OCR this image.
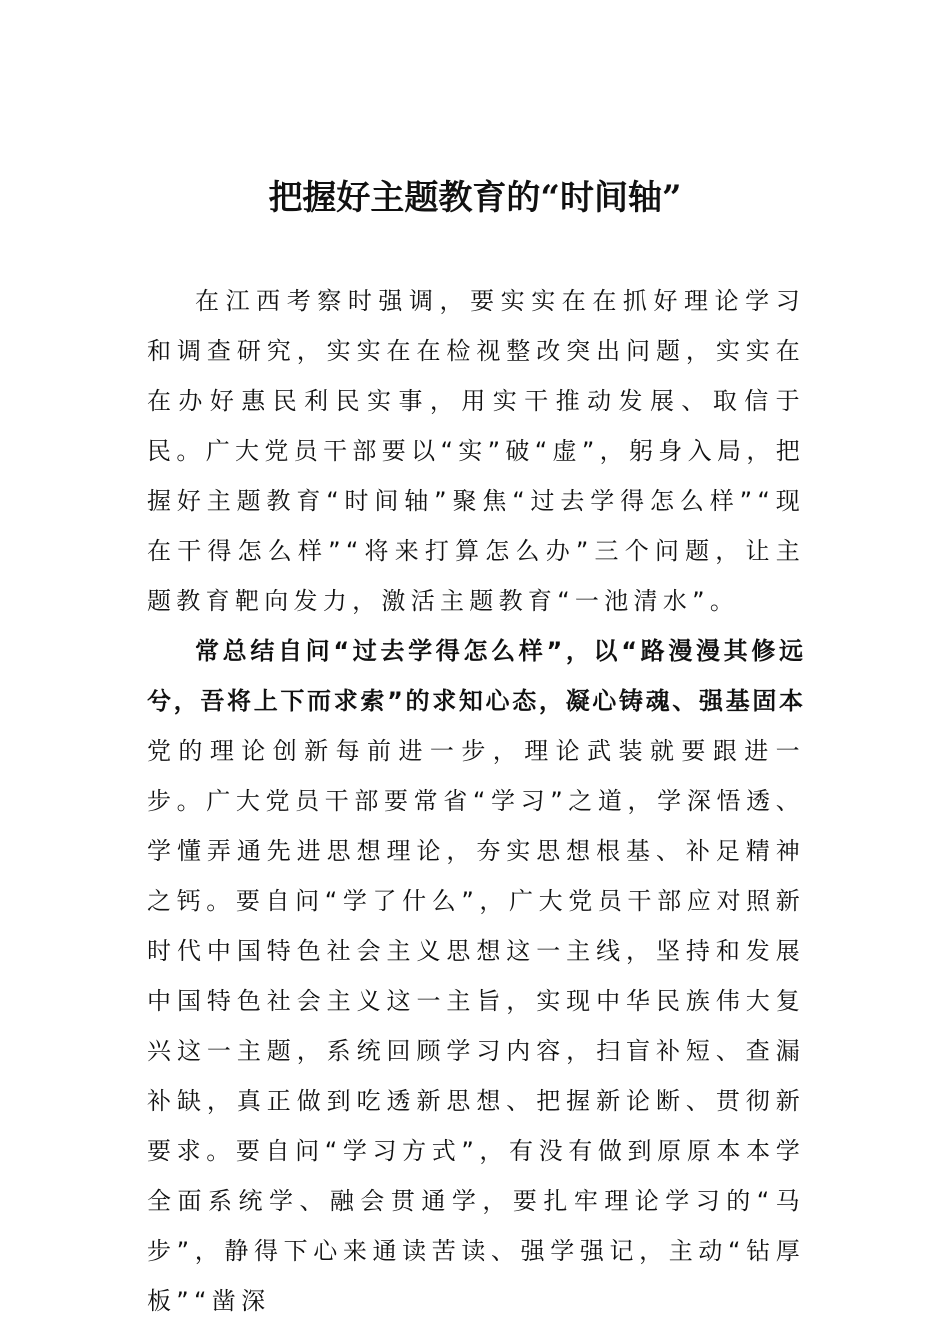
把握好主题教育的“时间轴”

在江西考察时强调，要实实在在抓好理论学习和调查研究，实实在在检视整改突出问题，实实在在办好惠民利民实事，用实干推动发展、取信于民。广大党员干部要以“实”破“虚”，躬身入局，把握好主题教育“时间轴”聚焦“过去学得怎么样”“现在干得怎么样”“将来打算怎么办”三个问题，让主题教育靶向发力，激活主题教育“一池清水”。

常总结自问“过去学得怎么样”，以“路漫漫其修远兮，吾将上下而求索”的求知心态，凝心铸魂、强基固本党的理论创新每前进一步，理论武装就要跟进一步。广大党员干部要常省“学习”之道，学深悟透、学懂弄通先进思想理论，夯实思想根基、补足精神之钙。要自问“学了什么”，广大党员干部应对照新时代中国特色社会主义思想这一主线，坚持和发展中国特色社会主义这一主旨，实现中华民族伟大复兴这一主题，系统回顾学习内容，扫盲补短、查漏补缺，真正做到吃透新思想、把握新论断、贯彻新要求。要自问“学习方式”，有没有做到原原本本学全面系统学、融会贯通学，要扎牢理论学习的“马步”，静得下心来通读苦读、强学强记，主动“钻厚板”“凿深
